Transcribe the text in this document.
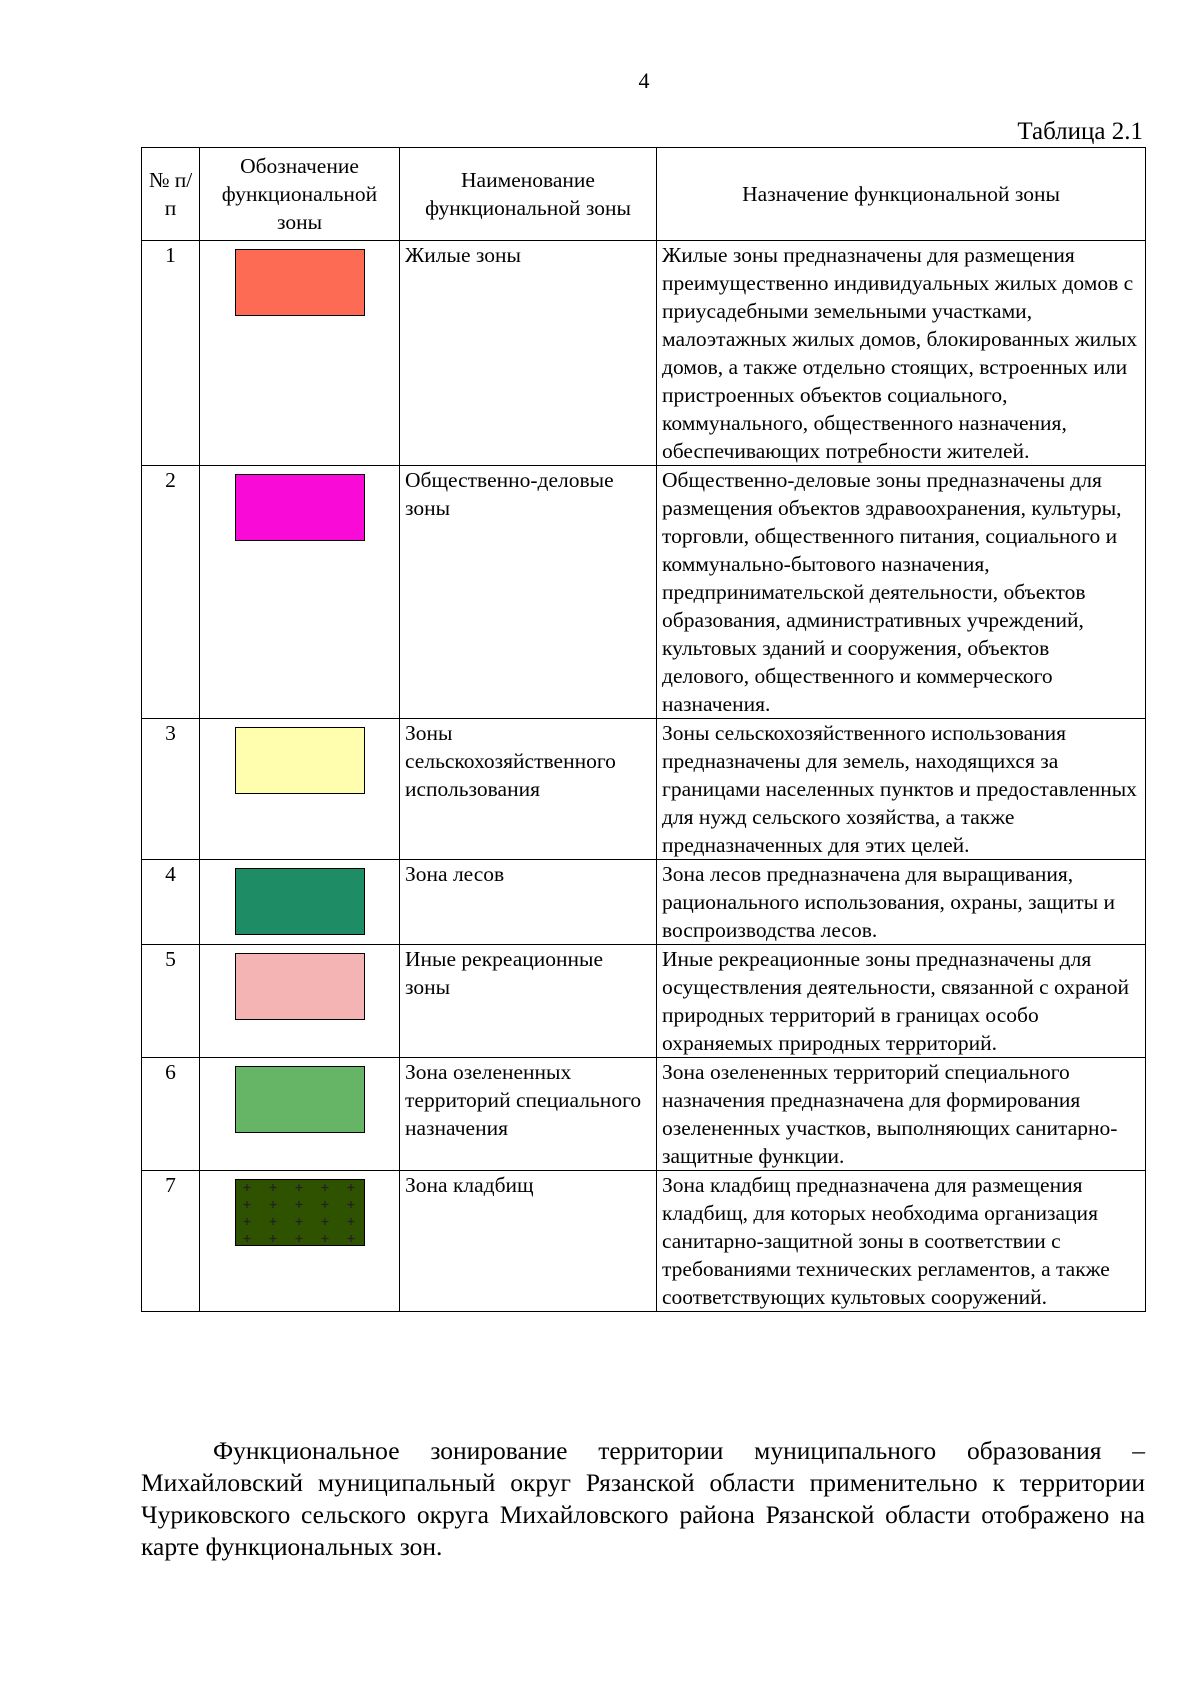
4
Таблица 2.1
№ п/п	Обозначение функциональной зоны	Наименование функциональной зоны	Назначение функциональной зоны
1		Жилые зоны	Жилые зоны предназначены для размещения преимущественно индивидуальных жилых домов с приусадебными земельными участками, малоэтажных жилых домов, блокированных жилых домов, а также отдельно стоящих, встроенных или пристроенных объектов социального, коммунального, общественного назначения, обеспечивающих потребности жителей.
2		Общественно-деловые зоны	Общественно-деловые зоны предназначены для размещения объектов здравоохранения, культуры, торговли, общественного питания, социального и коммунально-бытового назначения, предпринимательской деятельности, объектов образования, административных учреждений, культовых зданий и сооружения, объектов делового, общественного и коммерческого назначения.
3		Зоны сельскохозяйственного использования	Зоны сельскохозяйственного использования предназначены для земель, находящихся за границами населенных пунктов и предоставленных для нужд сельского хозяйства, а также предназначенных для этих целей.
4		Зона лесов	Зона лесов предназначена для выращивания, рационального использования, охраны, защиты и воспроизводства лесов.
5		Иные рекреационные зоны	Иные рекреационные зоны предназначены для осуществления деятельности, связанной с охраной природных территорий в границах особо охраняемых природных территорий.
6		Зона озелененных территорий специального назначения	Зона озелененных территорий специального назначения предназначена для формирования озелененных участков, выполняющих санитарно-защитные функции.
7		Зона кладбищ	Зона кладбищ предназначена для размещения кладбищ, для которых необходима организация санитарно-защитной зоны в соответствии с требованиями технических регламентов, а также соответствующих культовых сооружений.

Функциональное зонирование территории муниципального образования – Михайловский муниципальный округ Рязанской области применительно к территории Чуриковского сельского округа Михайловского района Рязанской области отображено на карте функциональных зон.
